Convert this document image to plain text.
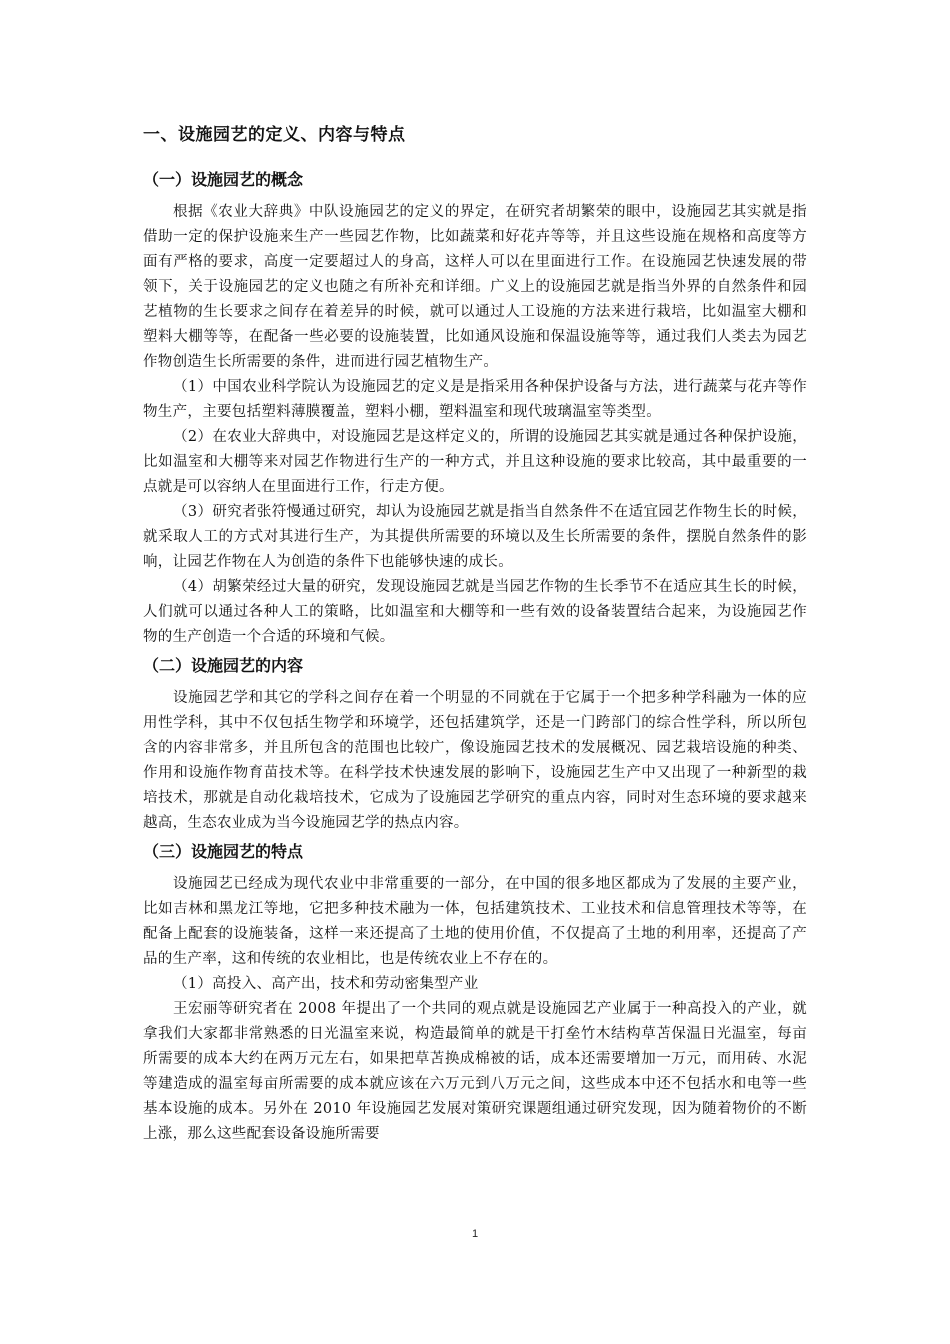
一、设施园艺的定义、内容与特点
（一）设施园艺的概念

根据《农业大辞典》中队设施园艺的定义的界定，在研究者胡繁荣的眼中，设施园艺其实就是指借助一定的保护设施来生产一些园艺作物，比如蔬菜和好花卉等等，并且这些设施在规格和高度等方面有严格的要求，高度一定要超过人的身高，这样人可以在里面进行工作。在设施园艺快速发展的带领下，关于设施园艺的定义也随之有所补充和详细。广义上的设施园艺就是指当外界的自然条件和园艺植物的生长要求之间存在着差异的时候，就可以通过人工设施的方法来进行栽培，比如温室大棚和塑料大棚等等，在配备一些必要的设施装置，比如通风设施和保温设施等等，通过我们人类去为园艺作物创造生长所需要的条件，进而进行园艺植物生产。

（1）中国农业科学院认为设施园艺的定义是是指采用各种保护设备与方法，进行蔬菜与花卉等作物生产，主要包括塑料薄膜覆盖，塑料小棚，塑料温室和现代玻璃温室等类型。

（2）在农业大辞典中，对设施园艺是这样定义的，所谓的设施园艺其实就是通过各种保护设施，比如温室和大棚等来对园艺作物进行生产的一种方式，并且这种设施的要求比较高，其中最重要的一点就是可以容纳人在里面进行工作，行走方便。

（3）研究者张符慢通过研究，却认为设施园艺就是指当自然条件不在适宜园艺作物生长的时候，就采取人工的方式对其进行生产，为其提供所需要的环境以及生长所需要的条件，摆脱自然条件的影响，让园艺作物在人为创造的条件下也能够快速的成长。

（4）胡繁荣经过大量的研究，发现设施园艺就是当园艺作物的生长季节不在适应其生长的时候，人们就可以通过各种人工的策略，比如温室和大棚等和一些有效的设备装置结合起来，为设施园艺作物的生产创造一个合适的环境和气候。

（二）设施园艺的内容

设施园艺学和其它的学科之间存在着一个明显的不同就在于它属于一个把多种学科融为一体的应用性学科，其中不仅包括生物学和环境学，还包括建筑学，还是一门跨部门的综合性学科，所以所包含的内容非常多，并且所包含的范围也比较广，像设施园艺技术的发展概况、园艺栽培设施的种类、作用和设施作物育苗技术等。在科学技术快速发展的影响下，设施园艺生产中又出现了一种新型的栽培技术，那就是自动化栽培技术，它成为了设施园艺学研究的重点内容，同时对生态环境的要求越来越高，生态农业成为当今设施园艺学的热点内容。

（三）设施园艺的特点

设施园艺已经成为现代农业中非常重要的一部分，在中国的很多地区都成为了发展的主要产业，比如吉林和黑龙江等地，它把多种技术融为一体，包括建筑技术、工业技术和信息管理技术等等，在配备上配套的设施装备，这样一来还提高了土地的使用价值，不仅提高了土地的利用率，还提高了产品的生产率，这和传统的农业相比，也是传统农业上不存在的。

（1）高投入、高产出，技术和劳动密集型产业

王宏丽等研究者在 2008 年提出了一个共同的观点就是设施园艺产业属于一种高投入的产业，就拿我们大家都非常熟悉的日光温室来说，构造最简单的就是干打垒竹木结构草苫保温日光温室，每亩所需要的成本大约在两万元左右，如果把草苫换成棉被的话，成本还需要增加一万元，而用砖、水泥等建造成的温室每亩所需要的成本就应该在六万元到八万元之间，这些成本中还不包括水和电等一些基本设施的成本。另外在 2010 年设施园艺发展对策研究课题组通过研究发现，因为随着物价的不断上涨，那么这些配套设备设施所需要

1
